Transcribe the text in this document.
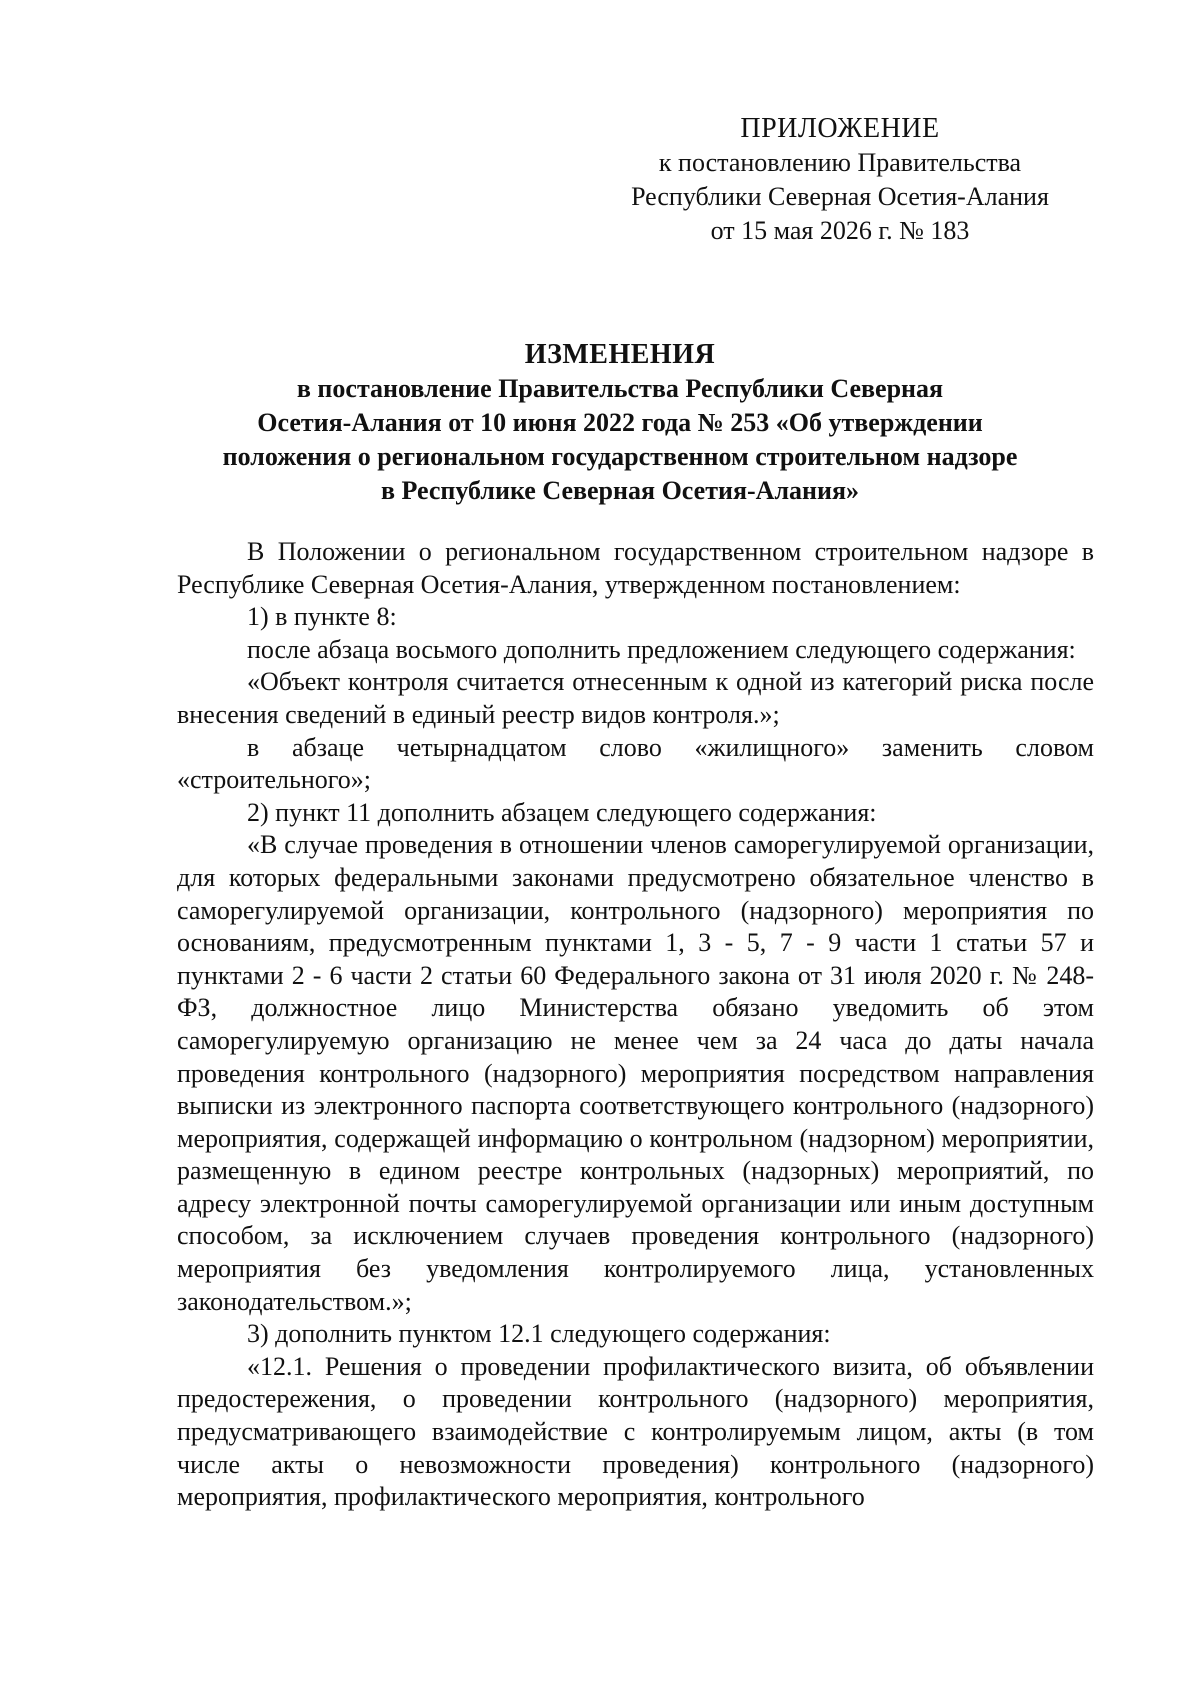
ПРИЛОЖЕНИЕ
к постановлению Правительства
Республики Северная Осетия-Алания
от 15 мая 2026 г. № 183
ИЗМЕНЕНИЯ
в постановление Правительства Республики Северная
Осетия-Алания от 10 июня 2022 года № 253 «Об утверждении
положения о региональном государственном строительном надзоре
в Республике Северная Осетия-Алания»

В Положении о региональном государственном строительном надзоре в Республике Северная Осетия-Алания, утвержденном постановлением:

1) в пункте 8:

после абзаца восьмого дополнить предложением следующего содержания:

«Объект контроля считается отнесенным к одной из категорий риска после внесения сведений в единый реестр видов контроля.»;

в абзаце четырнадцатом слово «жилищного» заменить словом «строительного»;

2) пункт 11 дополнить абзацем следующего содержания:

«В случае проведения в отношении членов саморегулируемой организации, для которых федеральными законами предусмотрено обязательное членство в саморегулируемой организации, контрольного (надзорного) мероприятия по основаниям, предусмотренным пунктами 1, 3 - 5, 7 - 9 части 1 статьи 57 и пунктами 2 - 6 части 2 статьи 60 Федерального закона от 31 июля 2020 г. № 248-ФЗ, должностное лицо Министерства обязано уведомить об этом саморегулируемую организацию не менее чем за 24 часа до даты начала проведения контрольного (надзорного) мероприятия посредством направления выписки из электронного паспорта соответствующего контрольного (надзорного) мероприятия, содержащей информацию о контрольном (надзорном) мероприятии, размещенную в едином реестре контрольных (надзорных) мероприятий, по адресу электронной почты саморегулируемой организации или иным доступным способом, за исключением случаев проведения контрольного (надзорного) мероприятия без уведомления контролируемого лица, установленных законодательством.»;

3) дополнить пунктом 12.1 следующего содержания:

«12.1. Решения о проведении профилактического визита, об объявлении предостережения, о проведении контрольного (надзорного) мероприятия, предусматривающего взаимодействие с контролируемым лицом, акты (в том числе акты о невозможности проведения) контрольного (надзорного) мероприятия, профилактического мероприятия, контрольного
